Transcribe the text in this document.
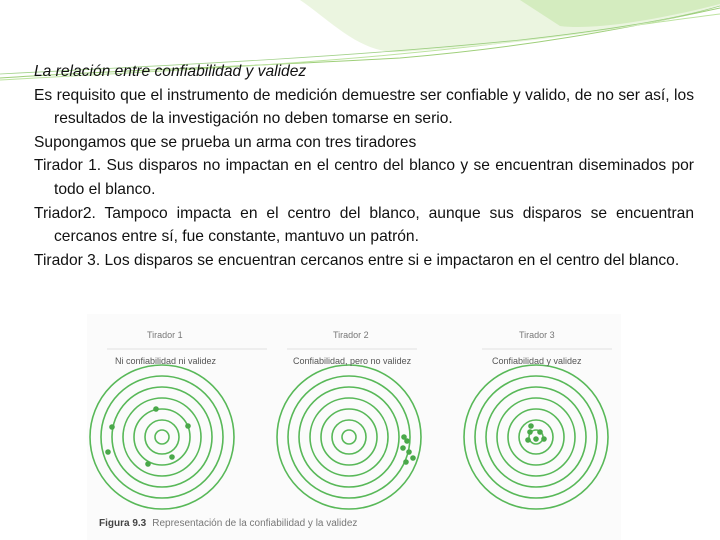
La relación entre confiabilidad y validez

Es requisito que el instrumento de medición demuestre ser confiable y valido, de no ser así, los resultados de la investigación no deben tomarse en serio.

Supongamos que se prueba un arma con tres tiradores

Tirador 1. Sus disparos no impactan en el centro del blanco y se encuentran diseminados por todo el blanco.

Triador2. Tampoco impacta en el centro del blanco, aunque sus disparos se encuentran cercanos entre sí, fue constante, mantuvo un patrón.

Tirador 3. Los disparos se encuentran cercanos entre si e impactaron en el centro del blanco.

Tirador 1
Ni confiabilidad ni validez
Tirador 2
Confiabilidad, pero no validez
Tirador 3
Confiabilidad y validez
Figura 9.3 Representación de la confiabilidad y la validez
